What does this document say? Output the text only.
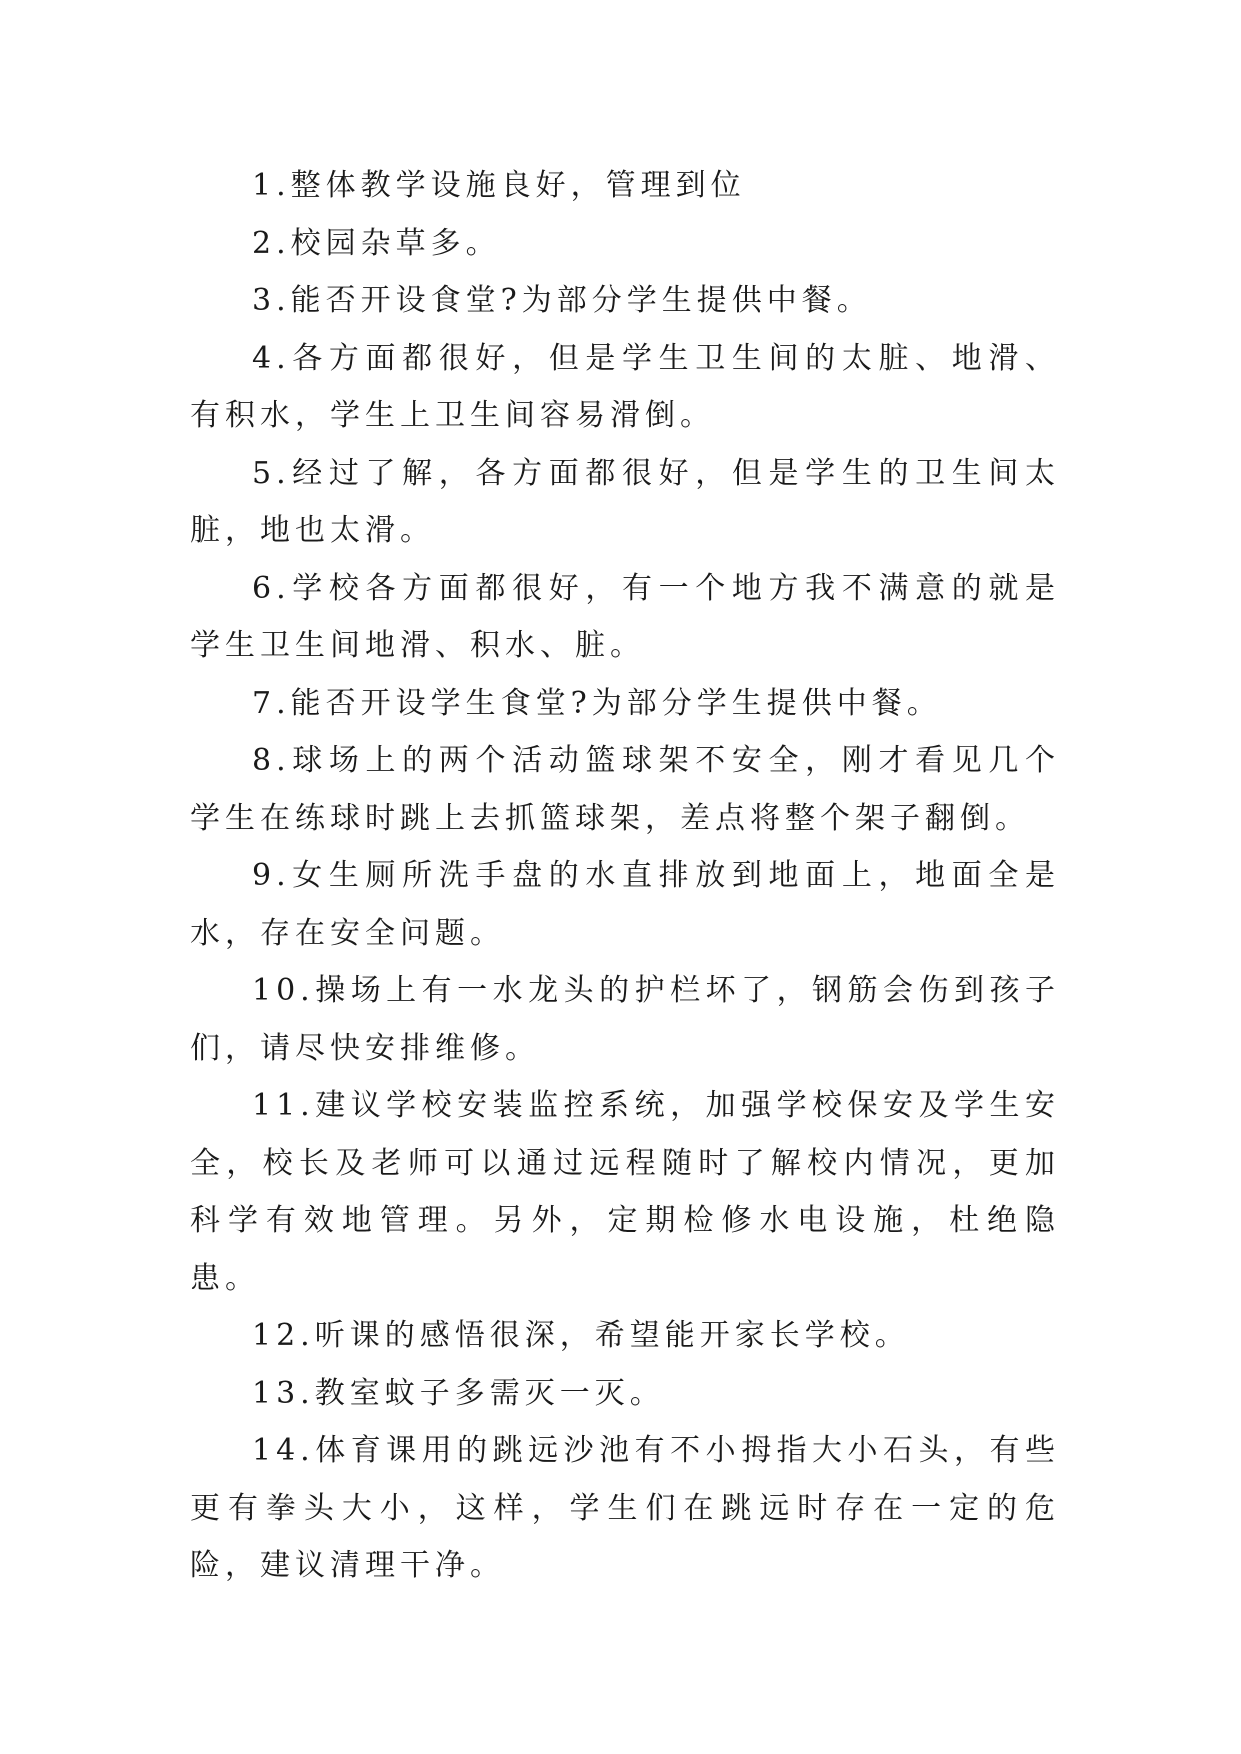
1.整体教学设施良好，管理到位

2.校园杂草多。

3.能否开设食堂?为部分学生提供中餐。

4.各方面都很好，但是学生卫生间的太脏、地滑、有积水，学生上卫生间容易滑倒。

5.经过了解，各方面都很好，但是学生的卫生间太脏，地也太滑。

6.学校各方面都很好，有一个地方我不满意的就是学生卫生间地滑、积水、脏。

7.能否开设学生食堂?为部分学生提供中餐。

8.球场上的两个活动篮球架不安全，刚才看见几个学生在练球时跳上去抓篮球架，差点将整个架子翻倒。

9.女生厕所洗手盘的水直排放到地面上，地面全是水，存在安全问题。

10.操场上有一水龙头的护栏坏了，钢筋会伤到孩子们，请尽快安排维修。

11.建议学校安装监控系统，加强学校保安及学生安全，校长及老师可以通过远程随时了解校内情况，更加科学有效地管理。另外，定期检修水电设施，杜绝隐患。

12.听课的感悟很深，希望能开家长学校。

13.教室蚊子多需灭一灭。

14.体育课用的跳远沙池有不小拇指大小石头，有些更有拳头大小，这样，学生们在跳远时存在一定的危险，建议清理干净。
